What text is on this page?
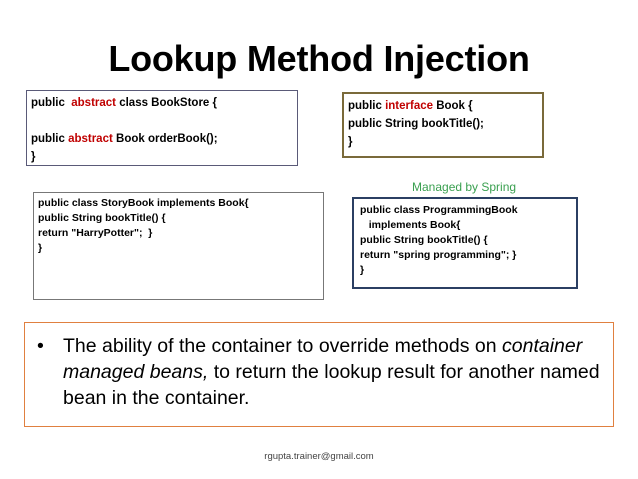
Lookup Method Injection
public abstract class BookStore {

public abstract Book orderBook();
}
public interface Book {
public String bookTitle();
}
public class StoryBook implements Book{
public String bookTitle() {
return "HarryPotter";  }
}
Managed by Spring
public class ProgrammingBook
implements Book{
public String bookTitle() {
return "spring programming"; }
}
• The ability of the container to override methods on container managed beans, to return the lookup result for another named bean in the container.
rgupta.trainer@gmail.com
